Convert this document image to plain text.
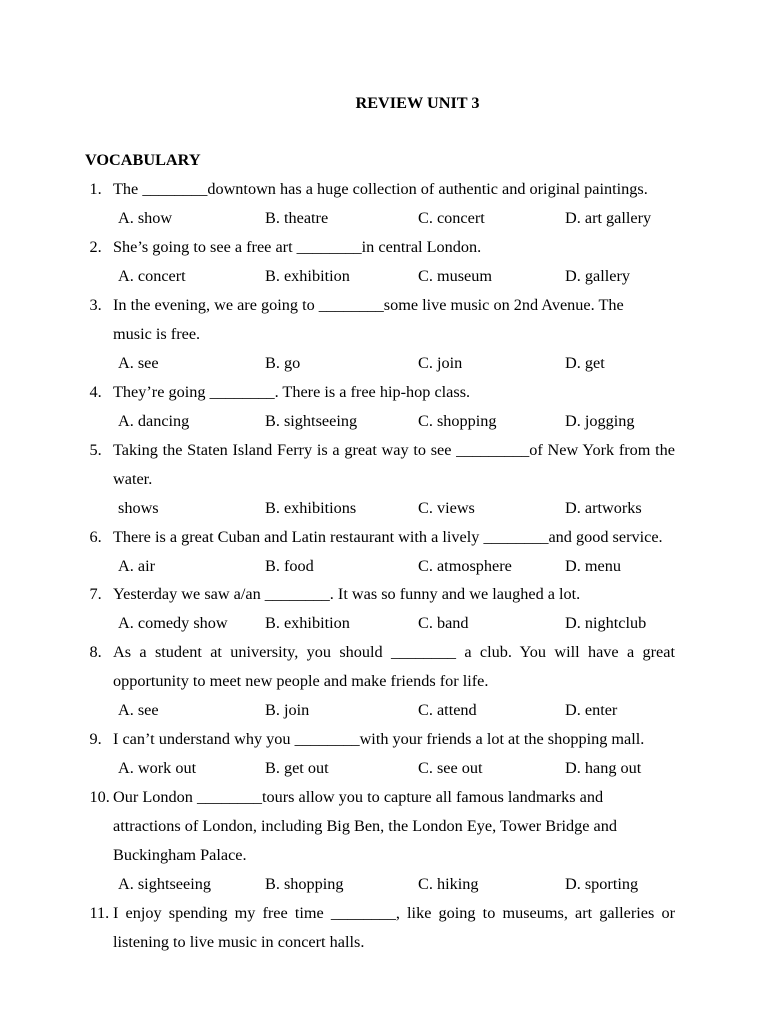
REVIEW UNIT 3
VOCABULARY
1. The ________downtown has a huge collection of authentic and original paintings.
A. show	B. theatre	C. concert	D. art gallery
2. She’s going to see a free art ________in central London.
A. concert	B. exhibition	C. museum	D. gallery
3. In the evening, we are going to ________some live music on 2nd Avenue. The
music is free.
A. see	B. go	C. join	D. get
4. They’re going ________. There is a free hip-hop class.
A. dancing	B. sightseeing	C. shopping	D. jogging
5. Taking the Staten Island Ferry is a great way to see _________of New York from the
water.
shows	B. exhibitions	C. views	D. artworks
6. There is a great Cuban and Latin restaurant with a lively ________and good service.
A. air	B. food	C. atmosphere	D. menu
7. Yesterday we saw a/an ________. It was so funny and we laughed a lot.
A. comedy show B. exhibition	C. band	D. nightclub
8. As a student at university, you should ________ a club. You will have a great
opportunity to meet new people and make friends for life.
A. see	B. join	C. attend	D. enter
9. I can’t understand why you ________with your friends a lot at the shopping mall.
A. work out	B. get out	C. see out	D. hang out
10. Our London ________tours allow you to capture all famous landmarks and
attractions of London, including Big Ben, the London Eye, Tower Bridge and
Buckingham Palace.
A. sightseeing	B. shopping	C. hiking	D. sporting
11. I enjoy spending my free time ________, like going to museums, art galleries or
listening to live music in concert halls.
